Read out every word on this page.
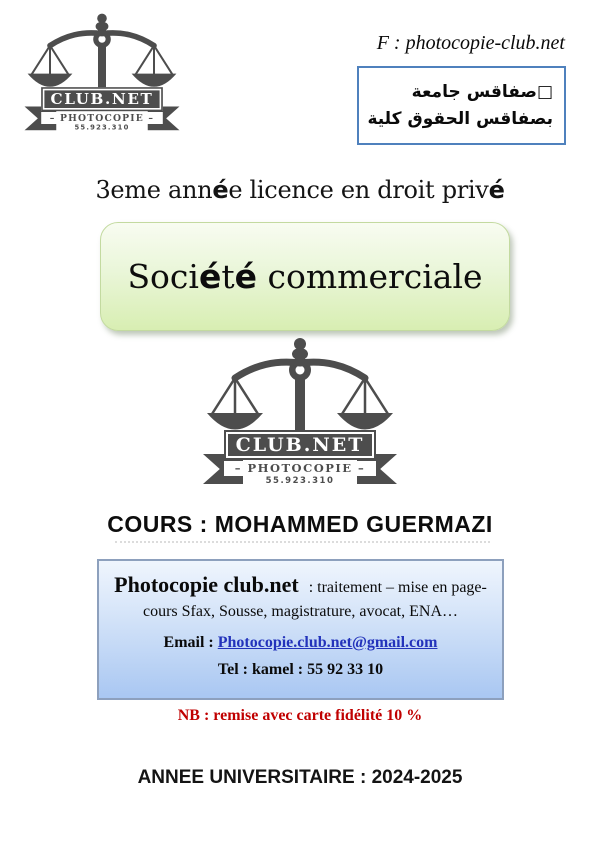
CLUB.NET
– PHOTOCOPIE –
55.923.310
F : photocopie-club.net
جامعة صفاقس□
كلية الحقوق بصفاقس
3eme année licence en droit privé
Société commerciale
CLUB.NET
– PHOTOCOPIE –
55.923.310
COURS : MOHAMMED GUERMAZI
Photocopie club.net : traitement – mise en page-
cours Sfax, Sousse, magistrature, avocat, ENA…
Email : Photocopie.club.net@gmail.com
Tel : kamel : 55 92 33 10
NB : remise avec carte fidélité 10 %
ANNEE UNIVERSITAIRE : 2024-2025
